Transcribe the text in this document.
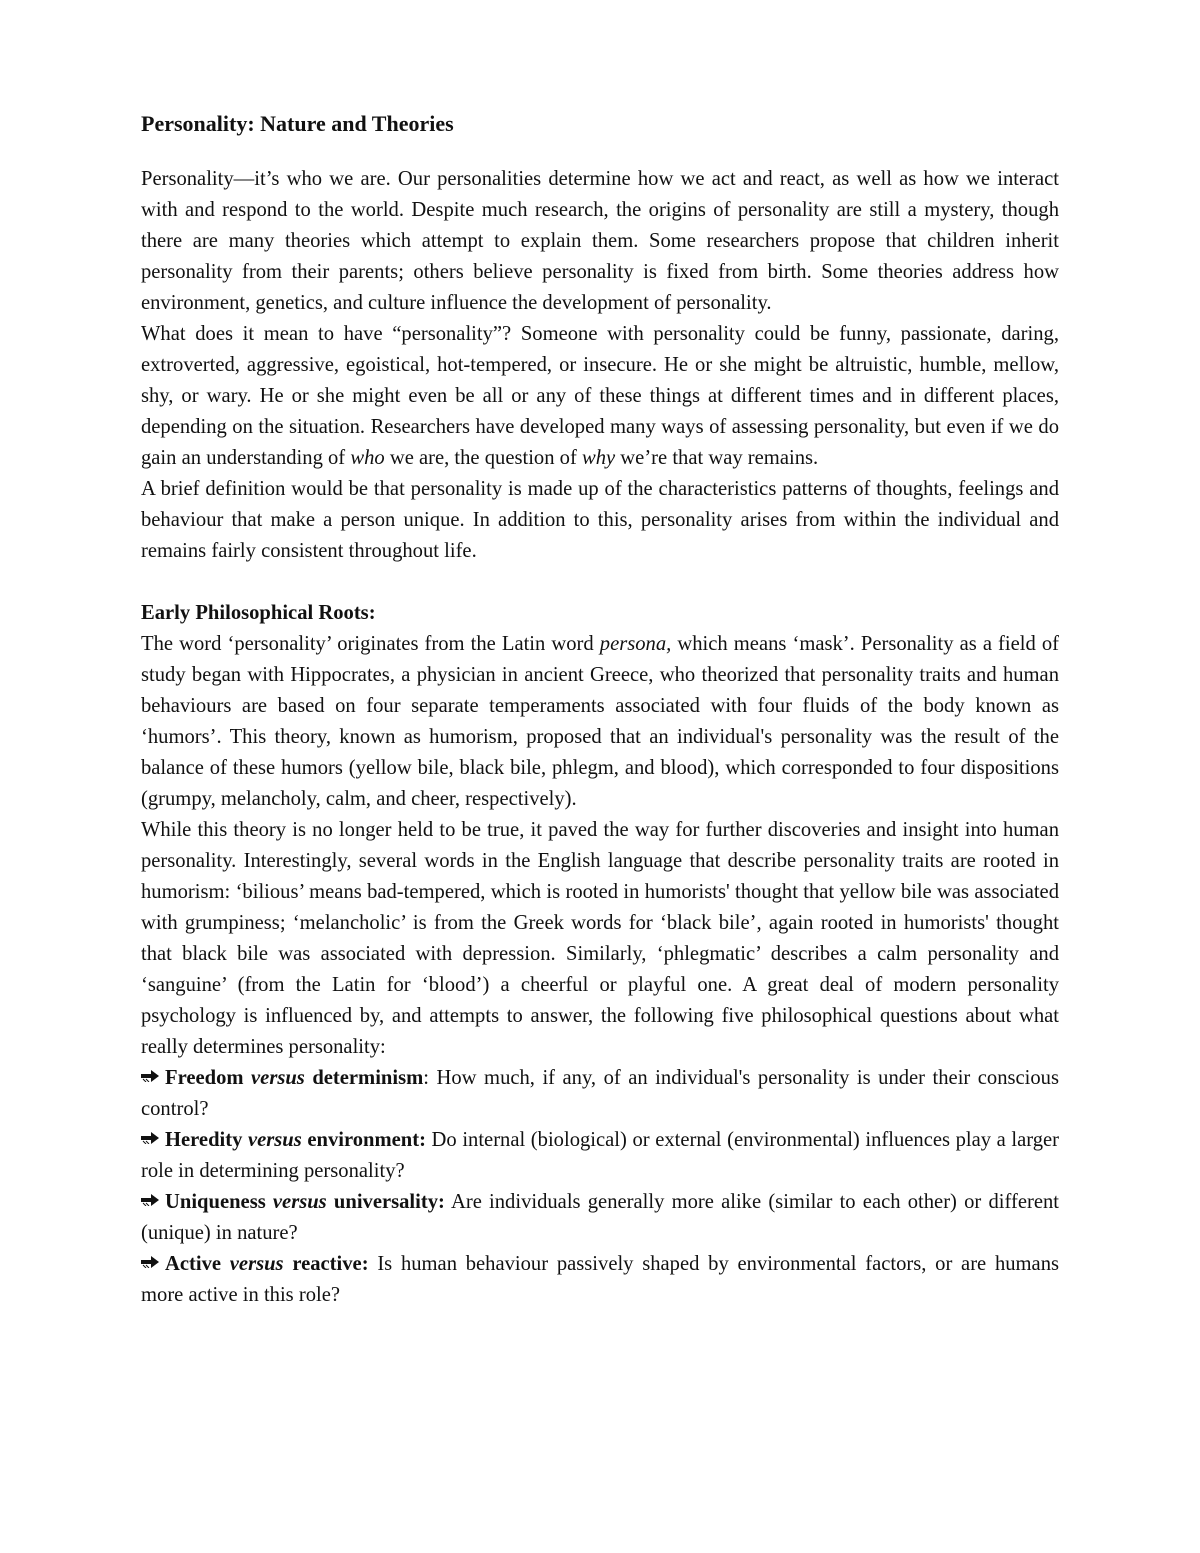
Personality: Nature and Theories

Personality—it’s who we are. Our personalities determine how we act and react, as well as how we interact with and respond to the world. Despite much research, the origins of personality are still a mystery, though there are many theories which attempt to explain them. Some researchers propose that children inherit personality from their parents; others believe personality is fixed from birth. Some theories address how environment, genetics, and culture influence the development of personality.

What does it mean to have “personality”? Someone with personality could be funny, passionate, daring, extroverted, aggressive, egoistical, hot-tempered, or insecure. He or she might be altruistic, humble, mellow, shy, or wary. He or she might even be all or any of these things at different times and in different places, depending on the situation. Researchers have developed many ways of assessing personality, but even if we do gain an understanding of who we are, the question of why we’re that way remains.

A brief definition would be that personality is made up of the characteristics patterns of thoughts, feelings and behaviour that make a person unique. In addition to this, personality arises from within the individual and remains fairly consistent throughout life.

Early Philosophical Roots:

The word ‘personality’ originates from the Latin word persona, which means ‘mask’. Personality as a field of study began with Hippocrates, a physician in ancient Greece, who theorized that personality traits and human behaviours are based on four separate temperaments associated with four fluids of the body known as ‘humors’. This theory, known as humorism, proposed that an individual's personality was the result of the balance of these humors (yellow bile, black bile, phlegm, and blood), which corresponded to four dispositions (grumpy, melancholy, calm, and cheer, respectively).

While this theory is no longer held to be true, it paved the way for further discoveries and insight into human personality. Interestingly, several words in the English language that describe personality traits are rooted in humorism: ‘bilious’ means bad-tempered, which is rooted in humorists' thought that yellow bile was associated with grumpiness; ‘melancholic’ is from the Greek words for ‘black bile’, again rooted in humorists' thought that black bile was associated with depression. Similarly, ‘phlegmatic’ describes a calm personality and ‘sanguine’ (from the Latin for ‘blood’) a cheerful or playful one. A great deal of modern personality psychology is influenced by, and attempts to answer, the following five philosophical questions about what really determines personality:

Freedom versus determinism: How much, if any, of an individual's personality is under their conscious control?

Heredity versus environment: Do internal (biological) or external (environmental) influences play a larger role in determining personality?

Uniqueness versus universality: Are individuals generally more alike (similar to each other) or different (unique) in nature?

Active versus reactive: Is human behaviour passively shaped by environmental factors, or are humans more active in this role?
